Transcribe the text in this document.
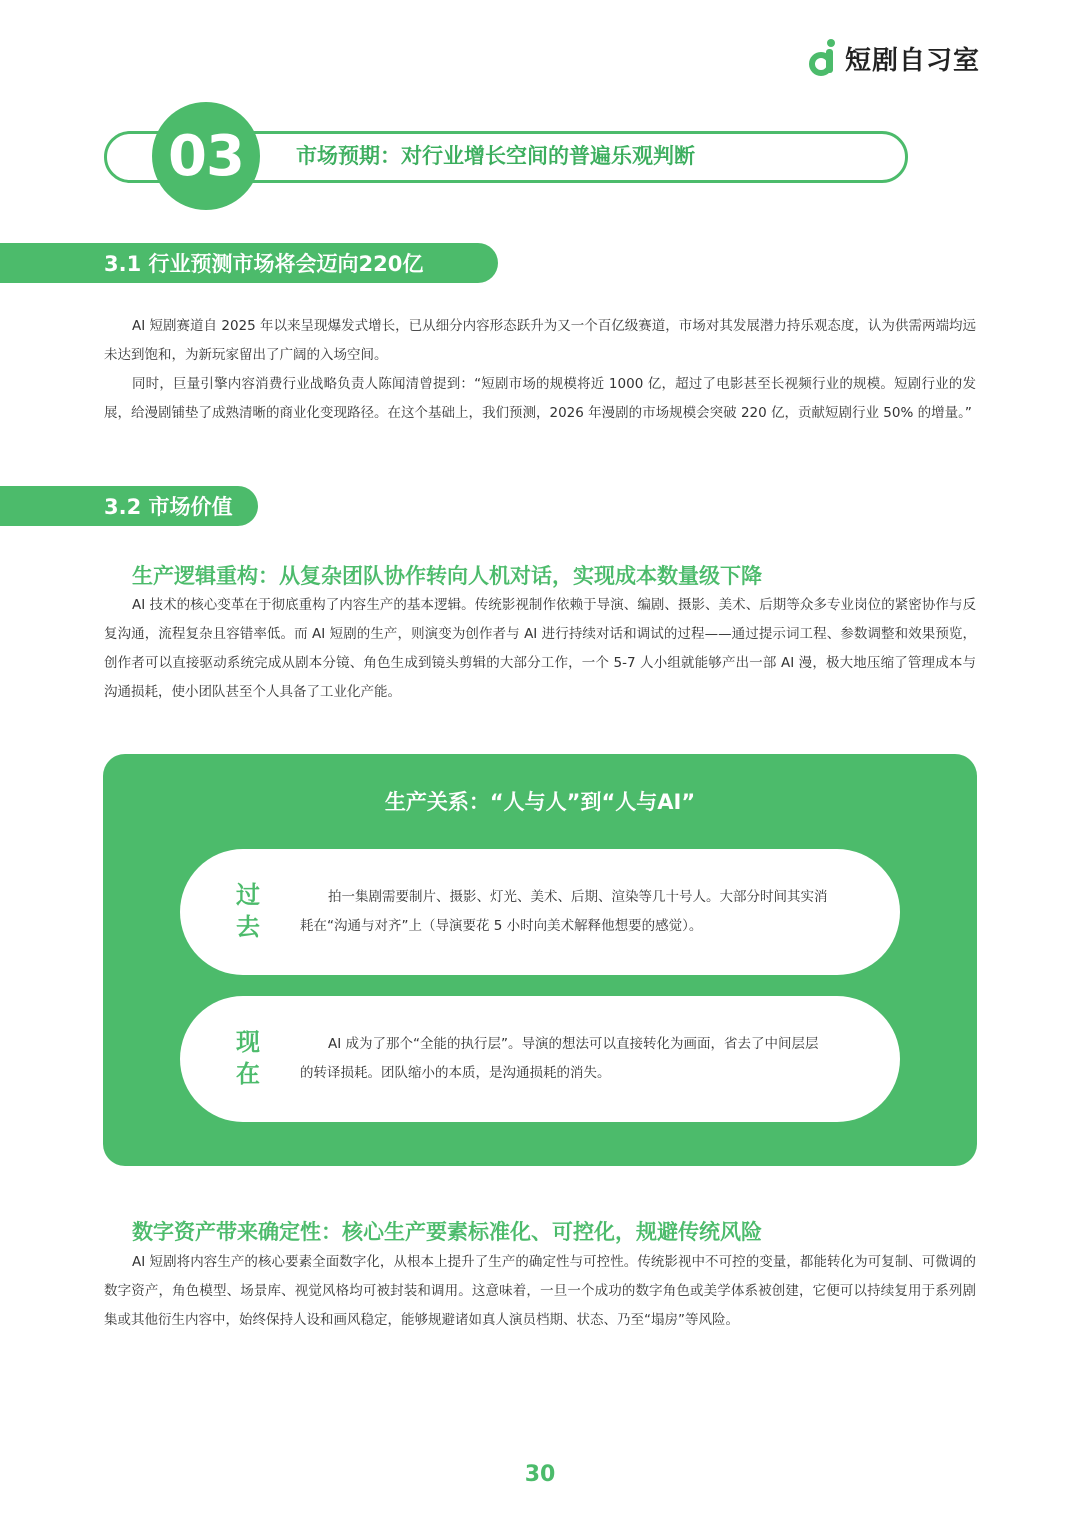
短剧自习室
03 市场预期：对行业增长空间的普遍乐观判断
3.1 行业预测市场将会迈向220亿

AI 短剧赛道自 2025 年以来呈现爆发式增长，已从细分内容形态跃升为又一个百亿级赛道，市场对其发展潜力持乐观态度，认为供需两端均远未达到饱和，为新玩家留出了广阔的入场空间。

同时，巨量引擎内容消费行业战略负责人陈闻清曾提到：“短剧市场的规模将近 1000 亿，超过了电影甚至长视频行业的规模。短剧行业的发展，给漫剧铺垫了成熟清晰的商业化变现路径。在这个基础上，我们预测，2026 年漫剧的市场规模会突破 220 亿，贡献短剧行业 50% 的增量。”

3.2 市场价值
生产逻辑重构：从复杂团队协作转向人机对话，实现成本数量级下降

AI 技术的核心变革在于彻底重构了内容生产的基本逻辑。传统影视制作依赖于导演、编剧、摄影、美术、后期等众多专业岗位的紧密协作与反复沟通，流程复杂且容错率低。而 AI 短剧的生产，则演变为创作者与 AI 进行持续对话和调试的过程——通过提示词工程、参数调整和效果预览，创作者可以直接驱动系统完成从剧本分镜、角色生成到镜头剪辑的大部分工作，一个 5-7 人小组就能够产出一部 AI 漫，极大地压缩了管理成本与沟通损耗，使小团队甚至个人具备了工业化产能。

生产关系：“人与人”到“人与AI”
过去

拍一集剧需要制片、摄影、灯光、美术、后期、渲染等几十号人。大部分时间其实消耗在“沟通与对齐”上（导演要花 5 小时向美术解释他想要的感觉）。

现在

AI 成为了那个“全能的执行层”。导演的想法可以直接转化为画面，省去了中间层层的转译损耗。团队缩小的本质，是沟通损耗的消失。

数字资产带来确定性：核心生产要素标准化、可控化，规避传统风险

AI 短剧将内容生产的核心要素全面数字化，从根本上提升了生产的确定性与可控性。传统影视中不可控的变量，都能转化为可复制、可微调的数字资产，角色模型、场景库、视觉风格均可被封装和调用。这意味着，一旦一个成功的数字角色或美学体系被创建，它便可以持续复用于系列剧集或其他衍生内容中，始终保持人设和画风稳定，能够规避诸如真人演员档期、状态、乃至“塌房”等风险。

30
